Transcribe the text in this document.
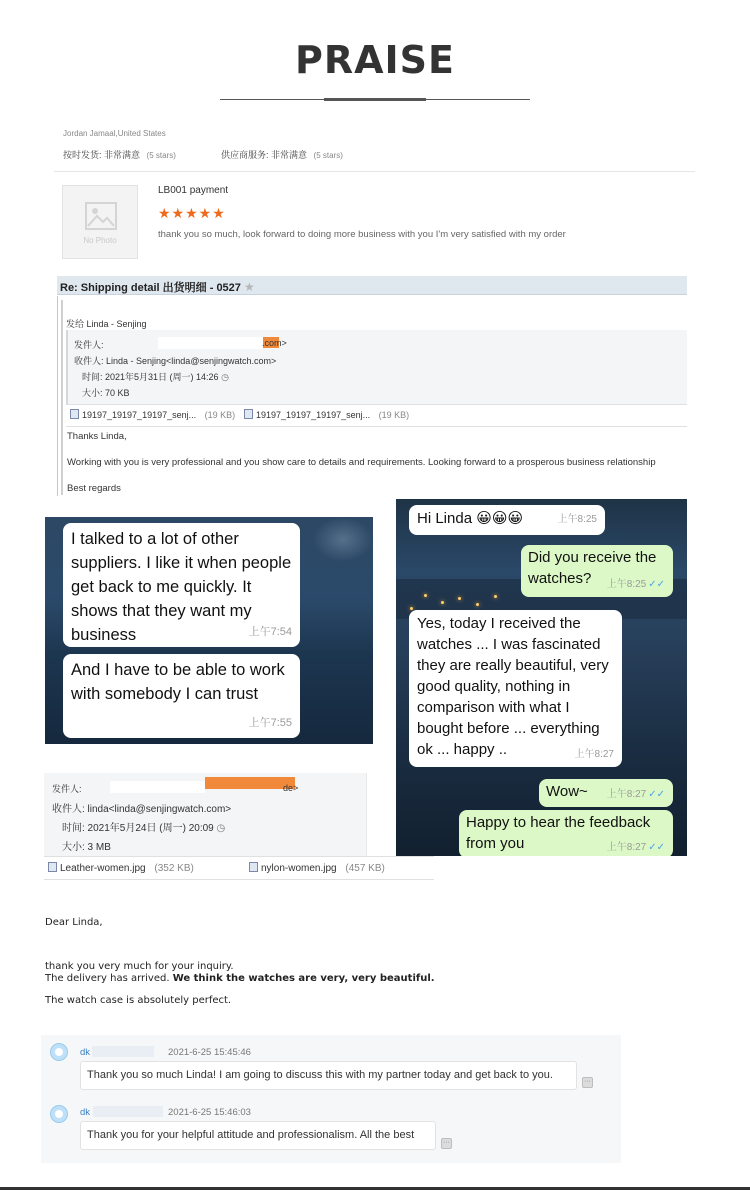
PRAISE
Jordan Jamaal,United States
按时发货: 非常满意 (5 stars)	供应商服务: 非常满意 (5 stars)
No Photo
LB001 payment
★★★★★
thank you so much, look forward to doing more business with you I'm very satisfied with my order
Re: Shipping detail 出货明细 - 0527 ★
发给 Linda - Senjing
发件人:	.com>
收件人: Linda - Senjing<linda@senjingwatch.com>
时间: 2021年5月31日 (周一) 14:26 ◷
大小: 70 KB
19197_19197_19197_senj... (19 KB)	19197_19197_19197_senj... (19 KB)
Thanks Linda,
Working with you is very professional and you show care to details and requirements. Looking forward to a prosperous business relationship
Best regards
I talked to a lot of other suppliers. I like it when people get back to me quickly. It shows that they want my business	上午7:54
And I have to be able to work with somebody I can trust
上午7:55
Hi Linda 😀😀😀	上午8:25
Did you receive the watches? 上午8:25 ✓✓
Yes, today I received the watches ... I was fascinated they are really beautiful, very good quality, nothing in comparison with what I bought before ... everything ok ... happy ..	上午8:27
Wow~ 上午8:27 ✓✓
Happy to hear the feedback from you	上午8:27 ✓✓
发件人:	de>
收件人: linda<linda@senjingwatch.com>
时间: 2021年5月24日 (周一) 20:09 ◷
大小: 3 MB
Leather-women.jpg (352 KB)	nylon-women.jpg (457 KB)
Dear Linda,
thank you very much for your inquiry.
The delivery has arrived. We think the watches are very, very beautiful.
The watch case is absolutely perfect.
dk	2021-6-25 15:45:46
Thank you so much Linda! I am going to discuss this with my partner today and get back to you.
···
dk	2021-6-25 15:46:03
Thank you for your helpful attitude and professionalism. All the best
···
